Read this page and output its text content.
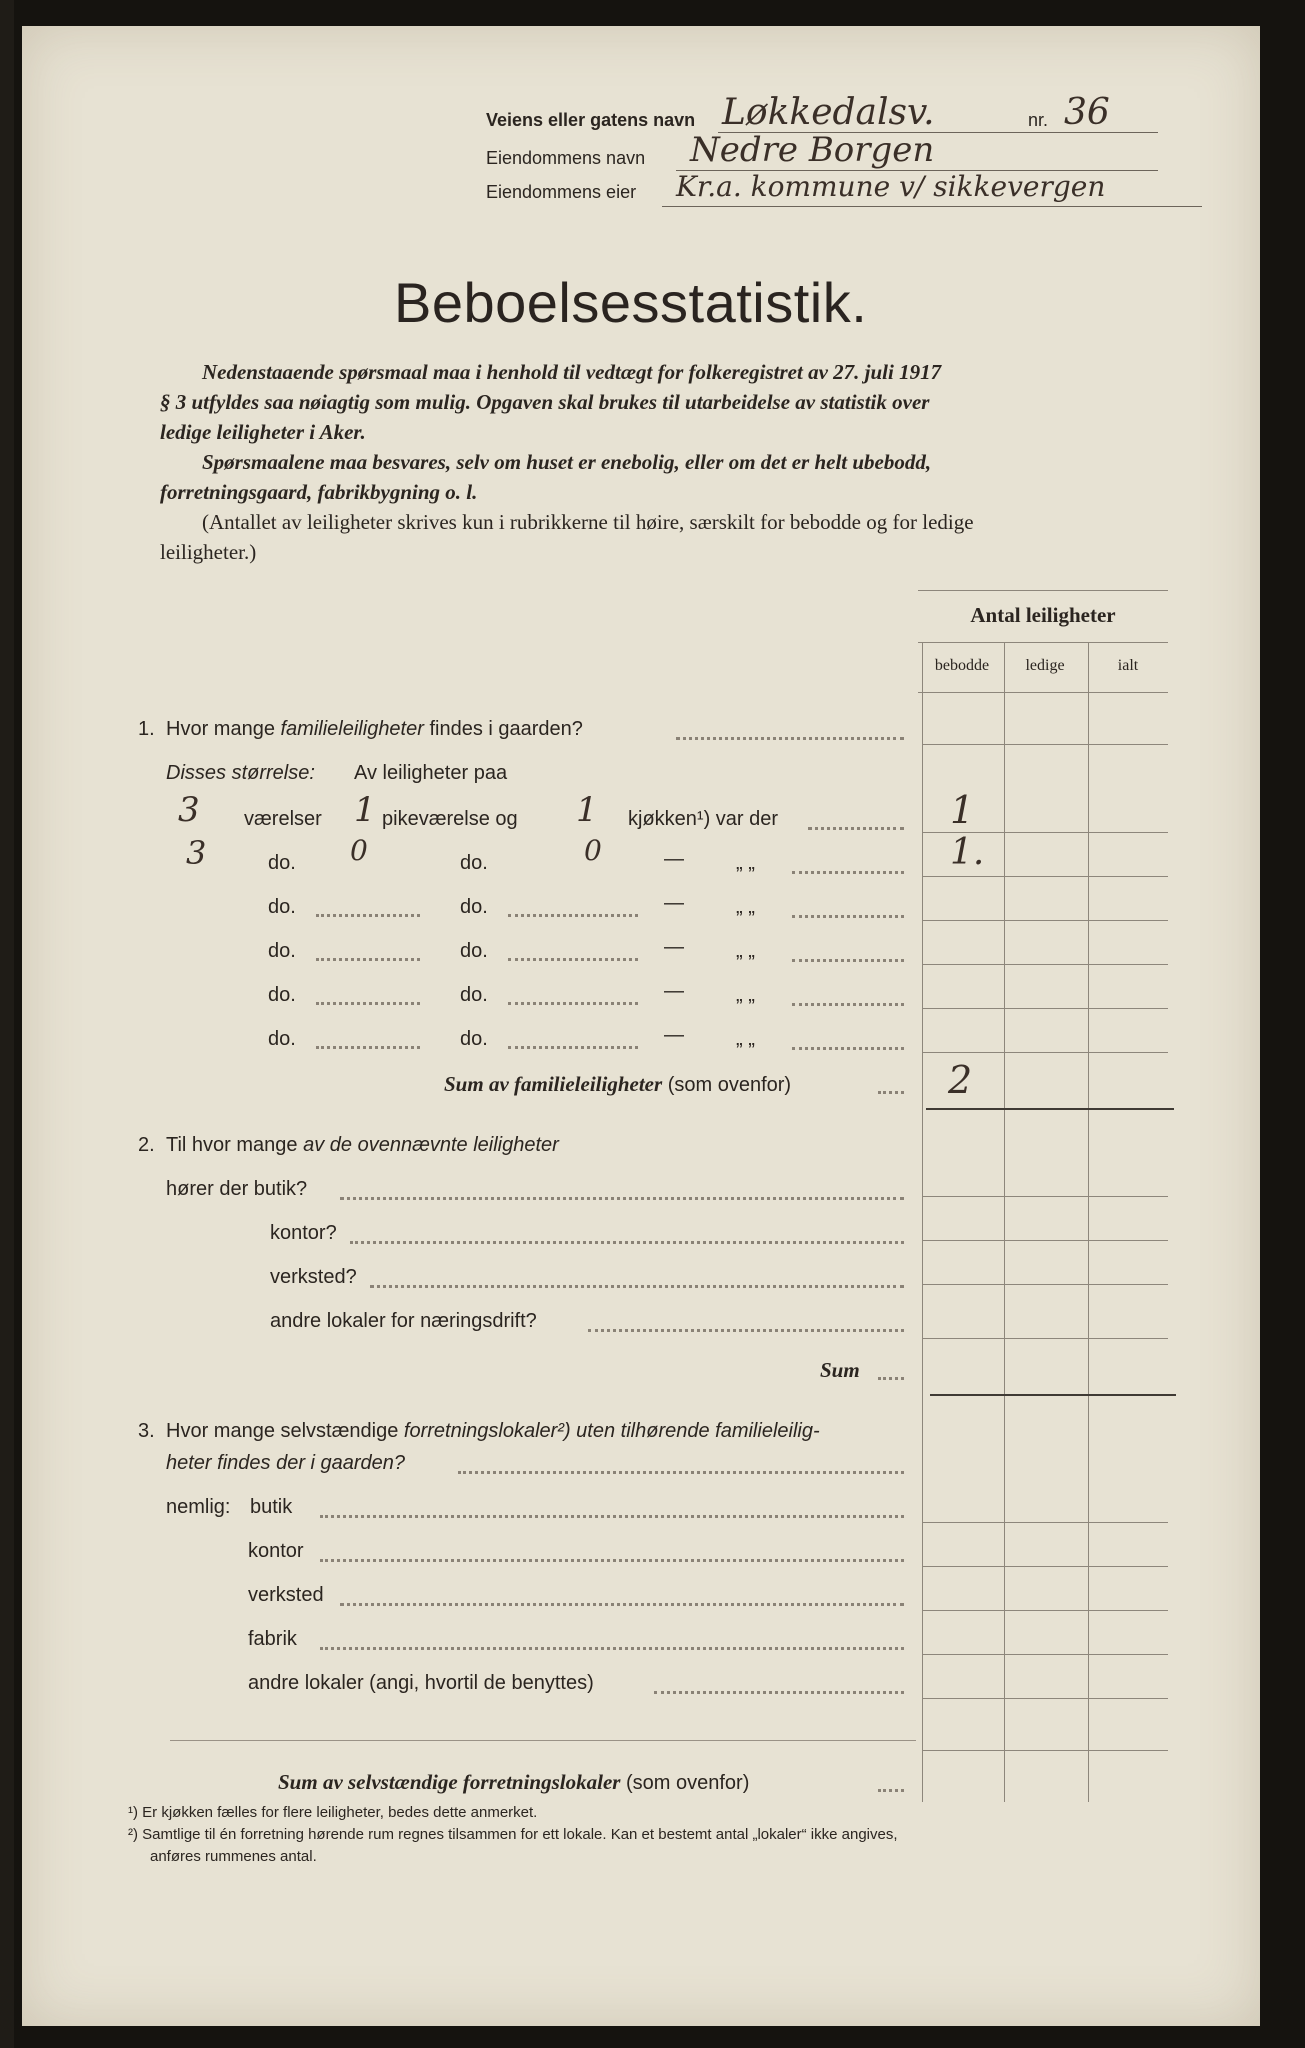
Veiens eller gatens navn Løkkedalsv.	nr. 36
Eiendommens navn Nedre Borgen
Eiendommens eier Kr.a. kommune v/ sikkevergen
Beboelsesstatistik.
Nedenstaaende spørsmaal maa i henhold til vedtægt for folkeregistret av 27. juli 1917
§ 3 utfyldes saa nøiagtig som mulig. Opgaven skal brukes til utarbeidelse av statistik over
ledige leiligheter i Aker.
Spørsmaalene maa besvares, selv om huset er enebolig, eller om det er helt ubebodd,
forretningsgaard, fabrikbygning o. l.
(Antallet av leiligheter skrives kun i rubrikkerne til høire, særskilt for bebodde og for ledige
leiligheter.)
Antal leiligheter
bebodde	ledige	ialt
1. Hvor mange familieleiligheter findes i gaarden?
Disses størrelse: Av leiligheter paa
3 værelser 1 pikeværelse og 1 kjøkken¹) var der	1
3	do. 0	do.	0	—	„ „	1.
do.	do.	—	„ „
do.	do.	—	„ „
do.	do.	—	„ „
do.	do.	—	„ „
Sum av familieleiligheter (som ovenfor)	2
2. Til hvor mange av de ovennævnte leiligheter
hører der butik?
kontor?
verksted?
andre lokaler for næringsdrift?
Sum
3. Hvor mange selvstændige forretningslokaler²) uten tilhørende familieleilig-
heter findes der i gaarden?
nemlig: butik
kontor
verksted
fabrik
andre lokaler (angi, hvortil de benyttes)
Sum av selvstændige forretningslokaler (som ovenfor)
¹) Er kjøkken fælles for flere leiligheter, bedes dette anmerket.
²) Samtlige til én forretning hørende rum regnes tilsammen for ett lokale. Kan et bestemt antal „lokaler“ ikke angives,
anføres rummenes antal.
